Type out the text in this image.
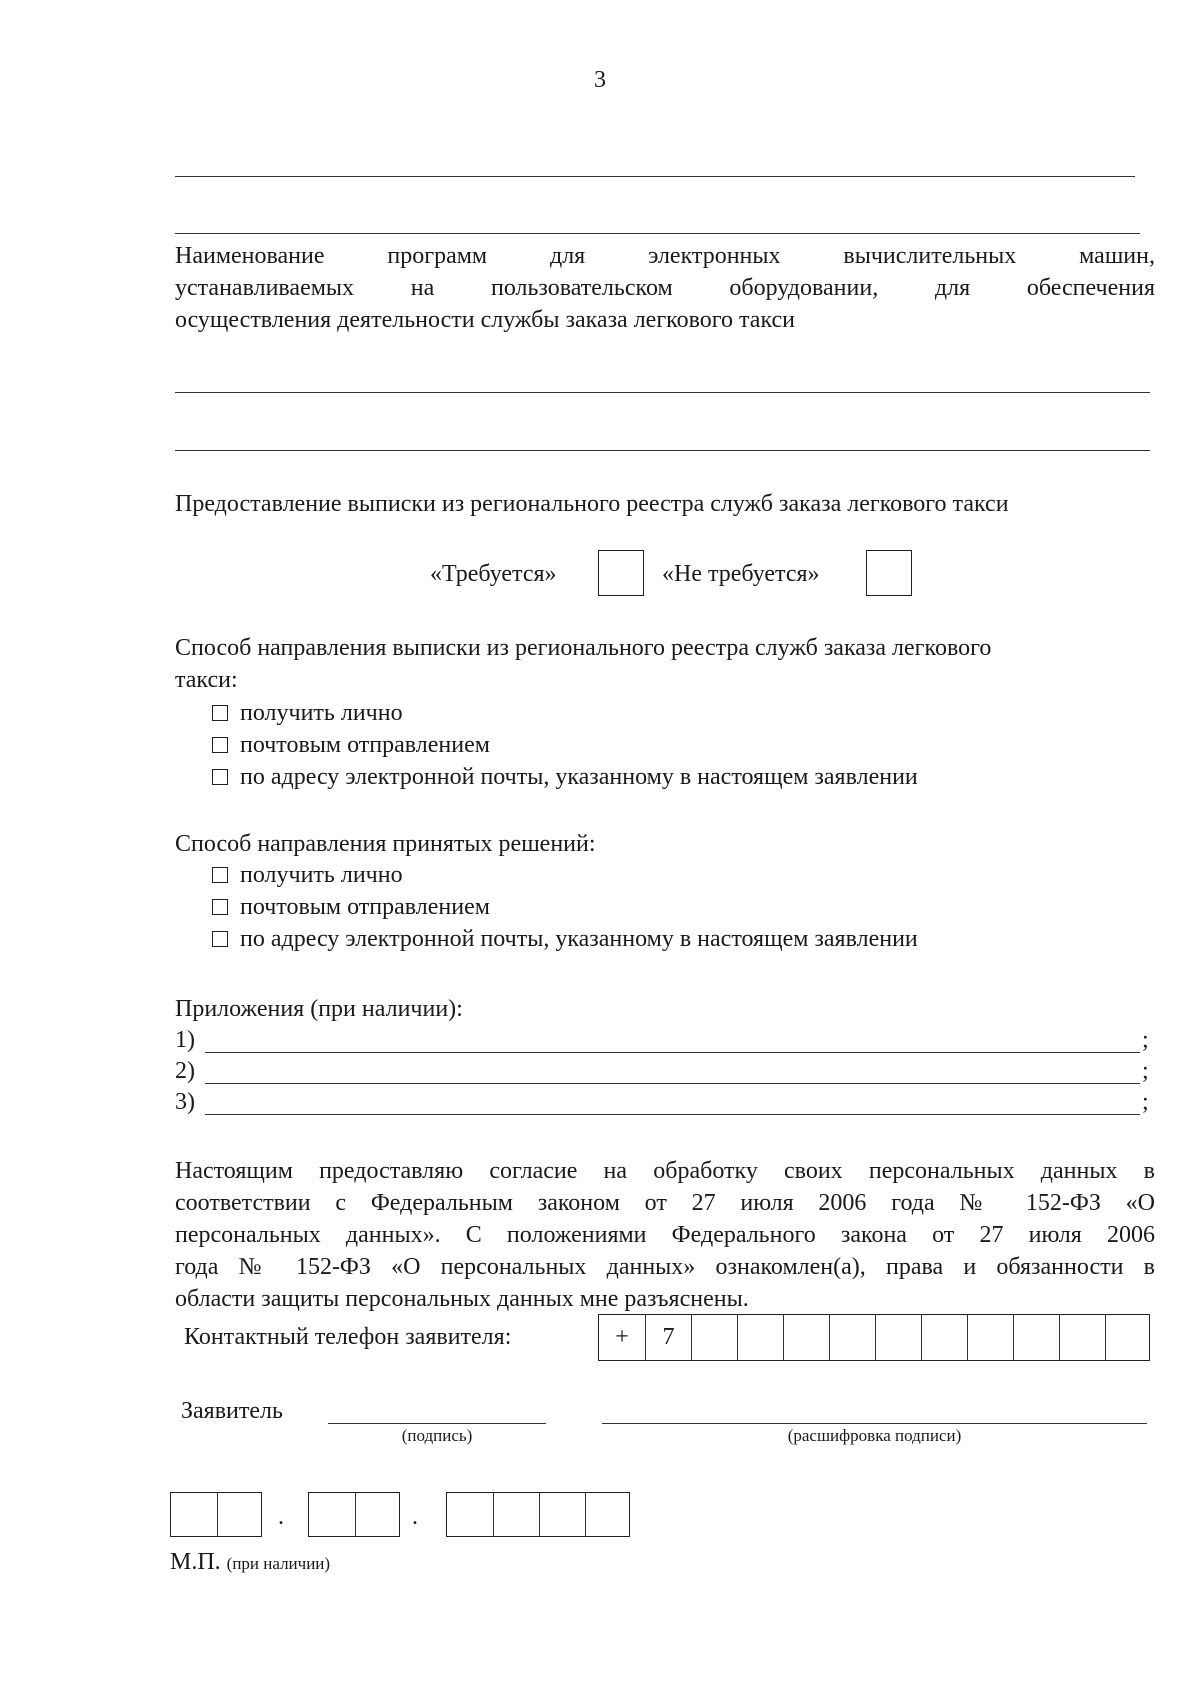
3
Наименование программ для электронных вычислительных машин,
устанавливаемых на пользовательском оборудовании, для обеспечения
осуществления деятельности службы заказа легкового такси
Предоставление выписки из регионального реестра служб заказа легкового такси
«Требуется»	«Не требуется»
Способ направления выписки из регионального реестра служб заказа легкового
такси:
получить лично
почтовым отправлением
по адресу электронной почты, указанному в настоящем заявлении
Способ направления принятых решений:
получить лично
почтовым отправлением
по адресу электронной почты, указанному в настоящем заявлении
Приложения (при наличии):
1)	;
2)	;
3)	;
Настоящим предоставляю согласие на обработку своих персональных данных в
соответствии с Федеральным законом от 27 июля 2006 года № 152-ФЗ «О
персональных данных». С положениями Федерального закона от 27 июля 2006
года № 152-ФЗ «О персональных данных» ознакомлен(а), права и обязанности в
области защиты персональных данных мне разъяснены.
Контактный телефон заявителя:	+	7
Заявитель
(подпись)	(расшифровка подписи)
.	.
М.П. (при наличии)
